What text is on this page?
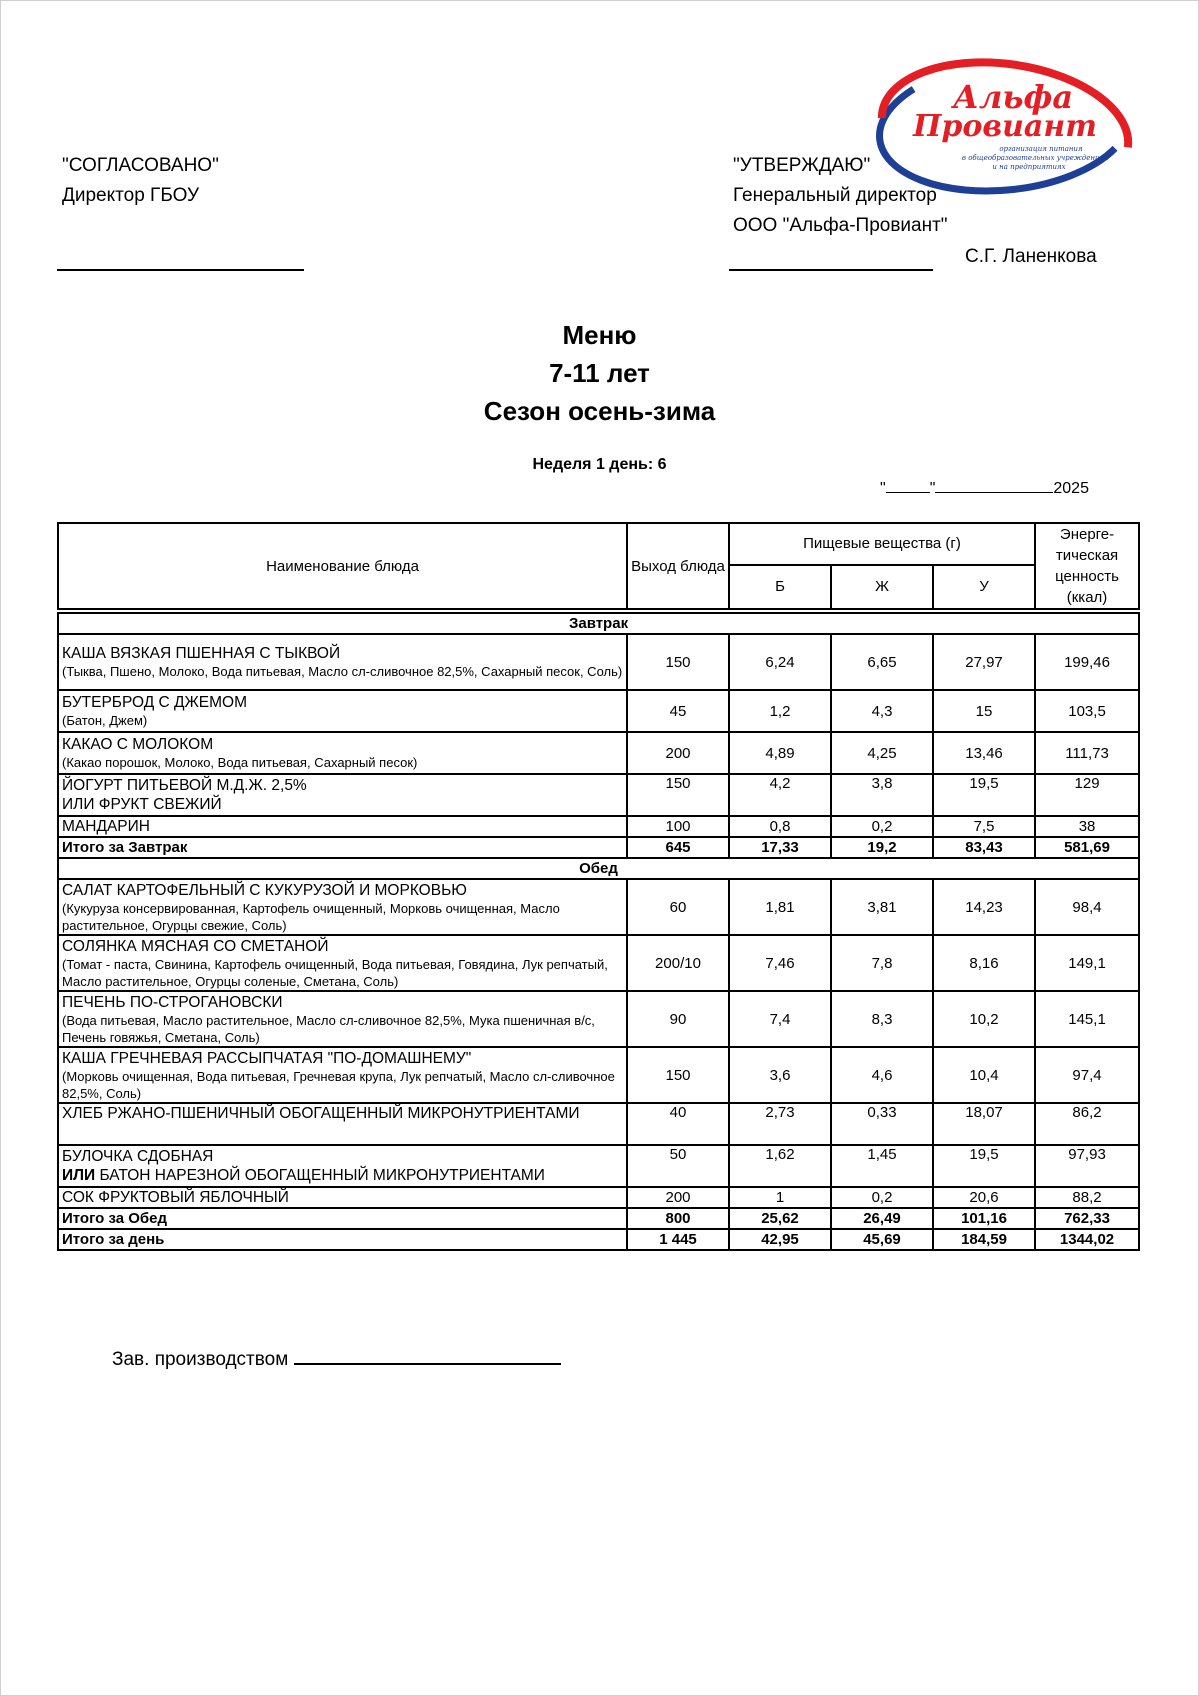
"СОГЛАСОВАНО"
Директор ГБОУ
"УТВЕРЖДАЮ"
Генеральный директор
ООО "Альфа-Провиант"
С.Г. Ланенкова
Альфа
Провиант
организация питания
в общеобразовательных учреждениях
и на предприятиях
Меню
7-11 лет
Сезон осень-зима
Неделя 1 день: 6
"	"	2025
Наименование блюда	Выход блюда	Пищевые вещества (г)			Энерге-тическая ценность (ккал)
		Б	Ж	У	

Завтрак					

КАША ВЯЗКАЯ ПШЕННАЯ С ТЫКВОЙ
(Тыква, Пшено, Молоко, Вода питьевая, Масло сл-сливочное 82,5%, Сахарный песок, Соль)	150	6,24	6,65	27,97	199,46

БУТЕРБРОД С ДЖЕМОМ
(Батон, Джем)	45	1,2	4,3	15	103,5

КАКАО С МОЛОКОМ
(Какао порошок, Молоко, Вода питьевая, Сахарный песок)	200	4,89	4,25	13,46	111,73

ЙОГУРТ ПИТЬЕВОЙ М.Д.Ж. 2,5%
ИЛИ ФРУКТ СВЕЖИЙ	150	4,2	3,8	19,5	129

МАНДАРИН	100	0,8	0,2	7,5	38
Итого за Завтрак	645	17,33	19,2	83,43	581,69
Обед					

САЛАТ КАРТОФЕЛЬНЫЙ С КУКУРУЗОЙ И МОРКОВЬЮ
(Кукуруза консервированная, Картофель очищенный, Морковь очищенная, Масло растительное, Огурцы свежие, Соль)	60	1,81	3,81	14,23	98,4

СОЛЯНКА МЯСНАЯ СО СМЕТАНОЙ
(Томат - паста, Свинина, Картофель очищенный, Вода питьевая, Говядина, Лук репчатый, Масло растительное, Огурцы соленые, Сметана, Соль)	200/10	7,46	7,8	8,16	149,1

ПЕЧЕНЬ ПО-СТРОГАНОВСКИ
(Вода питьевая, Масло растительное, Масло сл-сливочное 82,5%, Мука пшеничная в/с, Печень говяжья, Сметана, Соль)	90	7,4	8,3	10,2	145,1

КАША ГРЕЧНЕВАЯ РАССЫПЧАТАЯ "ПО-ДОМАШНЕМУ"
(Морковь очищенная, Вода питьевая, Гречневая крупа, Лук репчатый, Масло сл-сливочное 82,5%, Соль)	150	3,6	4,6	10,4	97,4

ХЛЕБ РЖАНО-ПШЕНИЧНЫЙ ОБОГАЩЕННЫЙ МИКРОНУТРИЕНТАМИ	40	2,73	0,33	18,07	86,2

БУЛОЧКА СДОБНАЯ
ИЛИ БАТОН НАРЕЗНОЙ ОБОГАЩЕННЫЙ МИКРОНУТРИЕНТАМИ	50	1,62	1,45	19,5	97,93

СОК ФРУКТОВЫЙ ЯБЛОЧНЫЙ	200	1	0,2	20,6	88,2
Итого за Обед	800	25,62	26,49	101,16	762,33
Итого за день	1 445	42,95	45,69	184,59	1344,02
Зав. производством
